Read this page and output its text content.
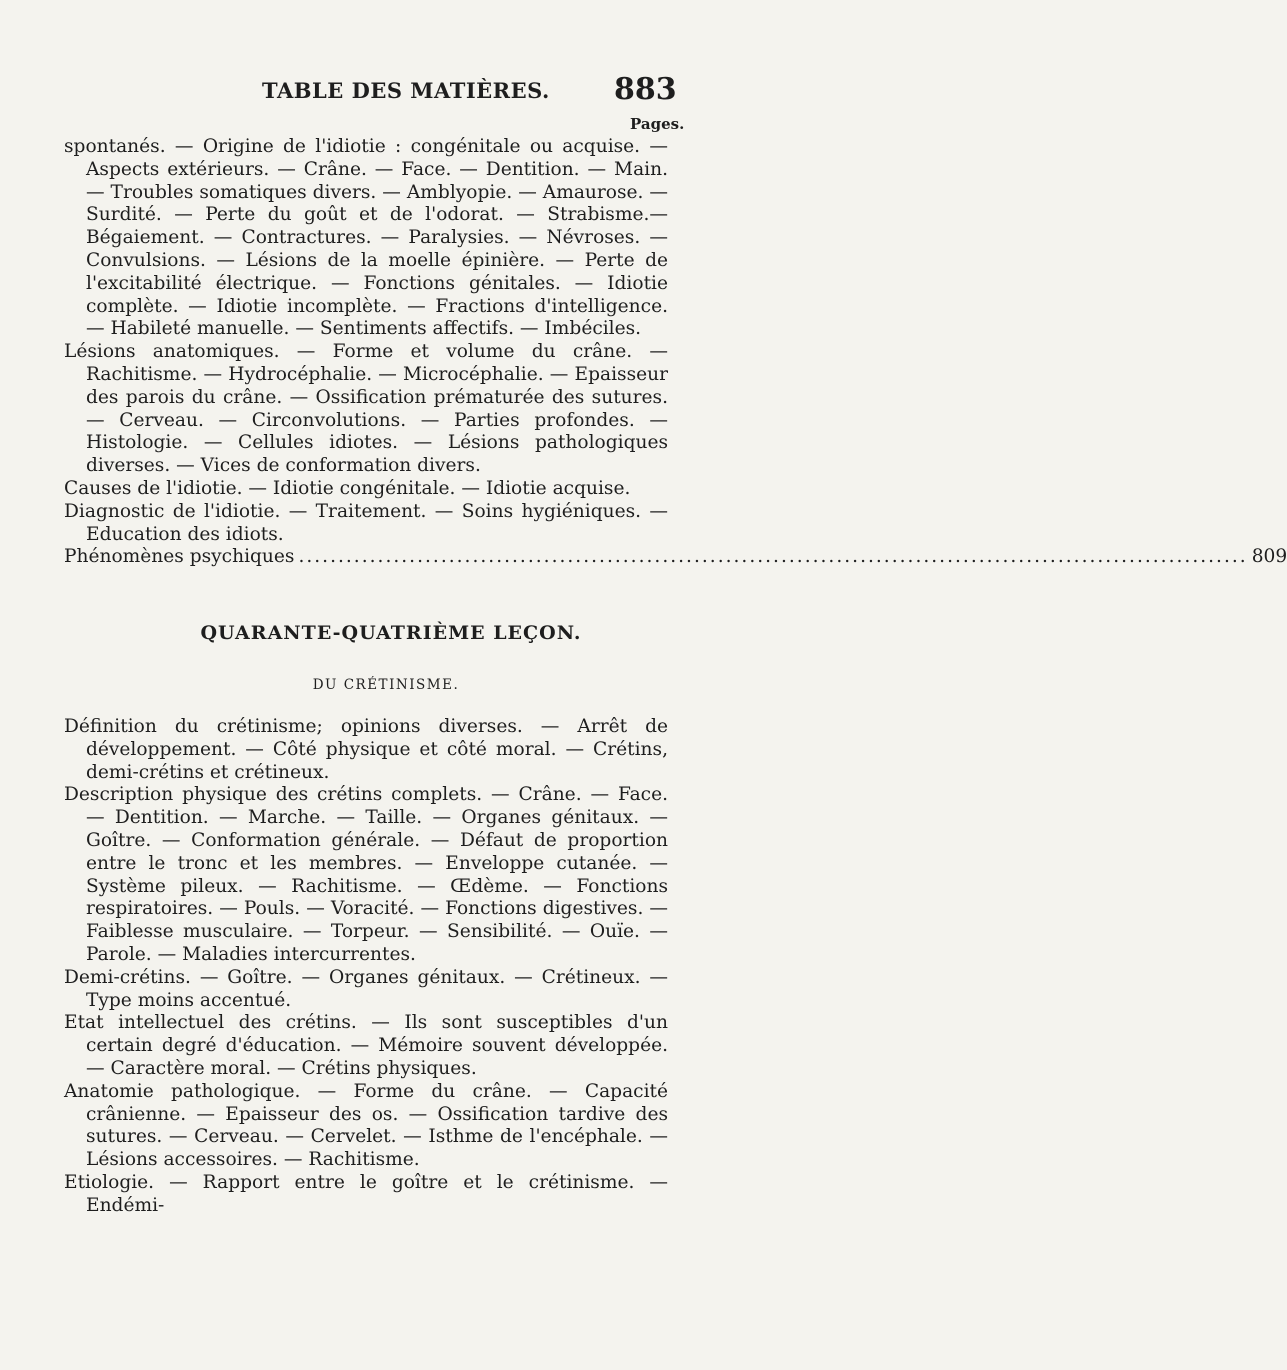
TABLE DES MATIÈRES. 883
Pages.

spontanés. — Origine de l'idiotie : congénitale ou acquise. — Aspects extérieurs. — Crâne. — Face. — Dentition. — Main. — Troubles somatiques divers. — Amblyopie. — Amaurose. — Surdité. — Perte du goût et de l'odorat. — Strabisme.— Bégaiement. — Contractures. — Paralysies. — Névroses. — Convulsions. — Lésions de la moelle épinière. — Perte de l'excitabilité électrique. — Fonctions génitales. — Idiotie complète. — Idiotie incomplète. — Fractions d'intelligence. — Habileté manuelle. — Sentiments affectifs. — Imbéciles.

Lésions anatomiques. — Forme et volume du crâne. — Rachitisme. — Hydrocéphalie. — Microcéphalie. — Epaisseur des parois du crâne. — Ossification prématurée des sutures. — Cerveau. — Circonvolutions. — Parties profondes. — Histologie. — Cellules idiotes. — Lésions pathologiques diverses. — Vices de conformation divers.

Causes de l'idiotie. — Idiotie congénitale. — Idiotie acquise.

Diagnostic de l'idiotie. — Traitement. — Soins hygiéniques. — Education des idiots.

Phénomènes psychiques ........................................................................................................................ 809
QUARANTE-QUATRIÈME LEÇON.
DU CRÉTINISME.

Définition du crétinisme; opinions diverses. — Arrêt de développement. — Côté physique et côté moral. — Crétins, demi-crétins et crétineux.

Description physique des crétins complets. — Crâne. — Face. — Dentition. — Marche. — Taille. — Organes génitaux. — Goître. — Conformation générale. — Défaut de proportion entre le tronc et les membres. — Enveloppe cutanée. — Système pileux. — Rachitisme. — Œdème. — Fonctions respiratoires. — Pouls. — Voracité. — Fonctions digestives. — Faiblesse musculaire. — Torpeur. — Sensibilité. — Ouïe. — Parole. — Maladies intercurrentes.

Demi-crétins. — Goître. — Organes génitaux. — Crétineux. — Type moins accentué.

Etat intellectuel des crétins. — Ils sont susceptibles d'un certain degré d'éducation. — Mémoire souvent développée. — Caractère moral. — Crétins physiques.

Anatomie pathologique. — Forme du crâne. — Capacité crânienne. — Epaisseur des os. — Ossification tardive des sutures. — Cerveau. — Cervelet. — Isthme de l'encéphale. — Lésions accessoires. — Rachitisme.

Etiologie. — Rapport entre le goître et le crétinisme. — Endémi-
